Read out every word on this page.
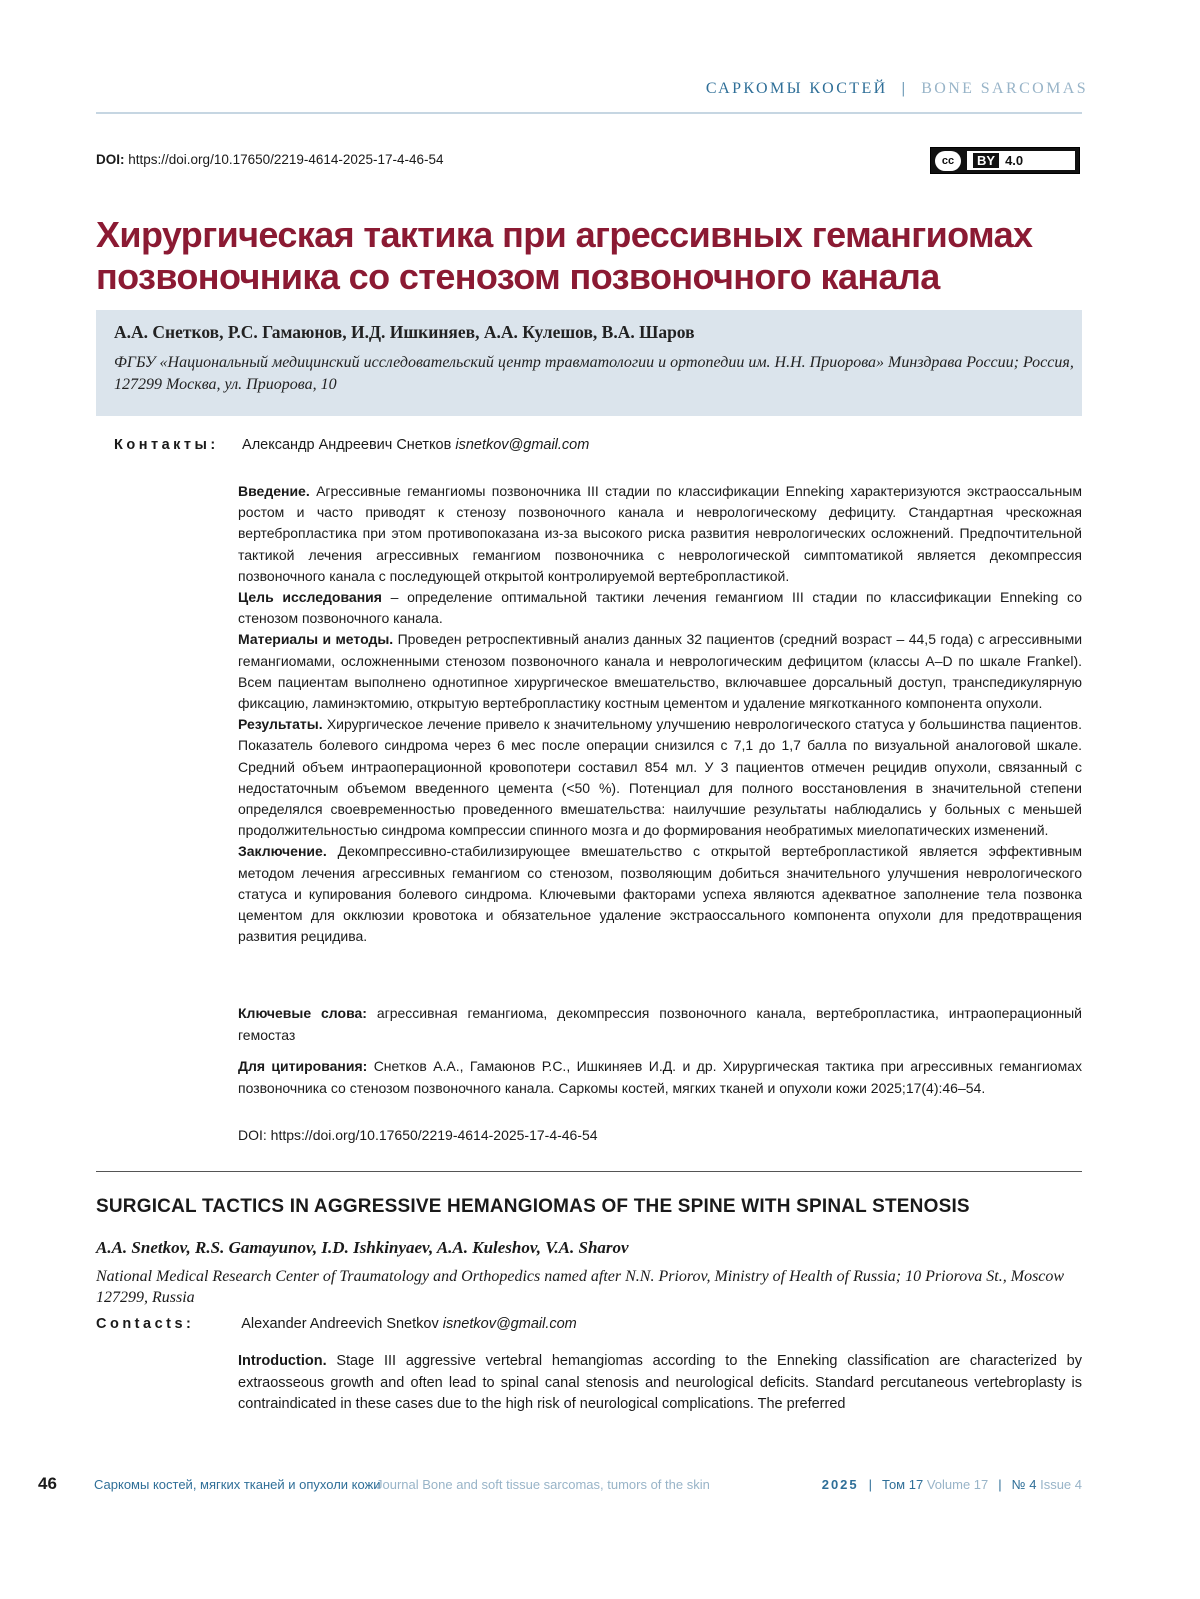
САРКОМЫ КОСТЕЙ | BONE SARCOMAS
DOI: https://doi.org/10.17650/2219-4614-2025-17-4-46-54	cc	BY 4.0
Хирургическая тактика при агрессивных гемангиомах позвоночника со стенозом позвоночного канала
А.А. Снетков, Р.С. Гамаюнов, И.Д. Ишкиняев, А.А. Кулешов, В.А. Шаров
ФГБУ «Национальный медицинский исследовательский центр травматологии и ортопедии им. Н.Н. Приорова» Минздрава России; Россия, 127299 Москва, ул. Приорова, 10
Контакты: Александр Андреевич Снетков isnetkov@gmail.com

Введение. Агрессивные гемангиомы позвоночника III стадии по классификации Enneking характеризуются экстраоссальным ростом и часто приводят к стенозу позвоночного канала и неврологическому дефициту. Стандартная чрескожная вертебропластика при этом противопоказана из-за высокого риска развития неврологических осложнений. Предпочтительной тактикой лечения агрессивных гемангиом позвоночника с неврологической симптоматикой является декомпрессия позвоночного канала с последующей открытой контролируемой вертебропластикой.

Цель исследования – определение оптимальной тактики лечения гемангиом III стадии по классификации Enneking со стенозом позвоночного канала.

Материалы и методы. Проведен ретроспективный анализ данных 32 пациентов (средний возраст – 44,5 года) с агрессивными гемангиомами, осложненными стенозом позвоночного канала и неврологическим дефицитом (классы A–D по шкале Frankel). Всем пациентам выполнено однотипное хирургическое вмешательство, включавшее дорсальный доступ, транспедикулярную фиксацию, ламинэктомию, открытую вертебропластику костным цементом и удаление мягкотканного компонента опухоли.

Результаты. Хирургическое лечение привело к значительному улучшению неврологического статуса у большинства пациентов. Показатель болевого синдрома через 6 мес после операции снизился с 7,1 до 1,7 балла по визуальной аналоговой шкале. Средний объем интраоперационной кровопотери составил 854 мл. У 3 пациентов отмечен рецидив опухоли, связанный с недостаточным объемом введенного цемента (<50 %). Потенциал для полного восстановления в значительной степени определялся своевременностью проведенного вмешательства: наилучшие результаты наблюдались у больных с меньшей продолжительностью синдрома компрессии спинного мозга и до формирования необратимых миелопатических изменений.

Заключение. Декомпрессивно-стабилизирующее вмешательство с открытой вертебропластикой является эффективным методом лечения агрессивных гемангиом со стенозом, позволяющим добиться значительного улучшения неврологического статуса и купирования болевого синдрома. Ключевыми факторами успеха являются адекватное заполнение тела позвонка цементом для окклюзии кровотока и обязательное удаление экстраоссального компонента опухоли для предотвращения развития рецидива.

Ключевые слова: агрессивная гемангиома, декомпрессия позвоночного канала, вертебропластика, интраоперационный гемостаз
Для цитирования: Снетков А.А., Гамаюнов Р.С., Ишкиняев И.Д. и др. Хирургическая тактика при агрессивных гемангиомах позвоночника со стенозом позвоночного канала. Саркомы костей, мягких тканей и опухоли кожи 2025;17(4):46–54.
DOI: https://doi.org/10.17650/2219-4614-2025-17-4-46-54
SURGICAL TACTICS IN AGGRESSIVE HEMANGIOMAS OF THE SPINE WITH SPINAL STENOSIS
A.A. Snetkov, R.S. Gamayunov, I.D. Ishkinyaev, A.A. Kuleshov, V.A. Sharov
National Medical Research Center of Traumatology and Orthopedics named after N.N. Priorov, Ministry of Health of Russia; 10 Priorova St., Moscow 127299, Russia
Contacts:	Alexander Andreevich Snetkov isnetkov@gmail.com
Introduction. Stage III aggressive vertebral hemangiomas according to the Enneking classification are characterized by extraosseous growth and often lead to spinal canal stenosis and neurological deficits. Standard percutaneous vertebroplasty is contraindicated in these cases due to the high risk of neurological complications. The preferred
46	Саркомы костей, мягких тканей и опухоли кожи
Journal Bone and soft tissue sarcomas, tumors of the skin	2025 | Том 17 Volume 17 | № 4 Issue 4
